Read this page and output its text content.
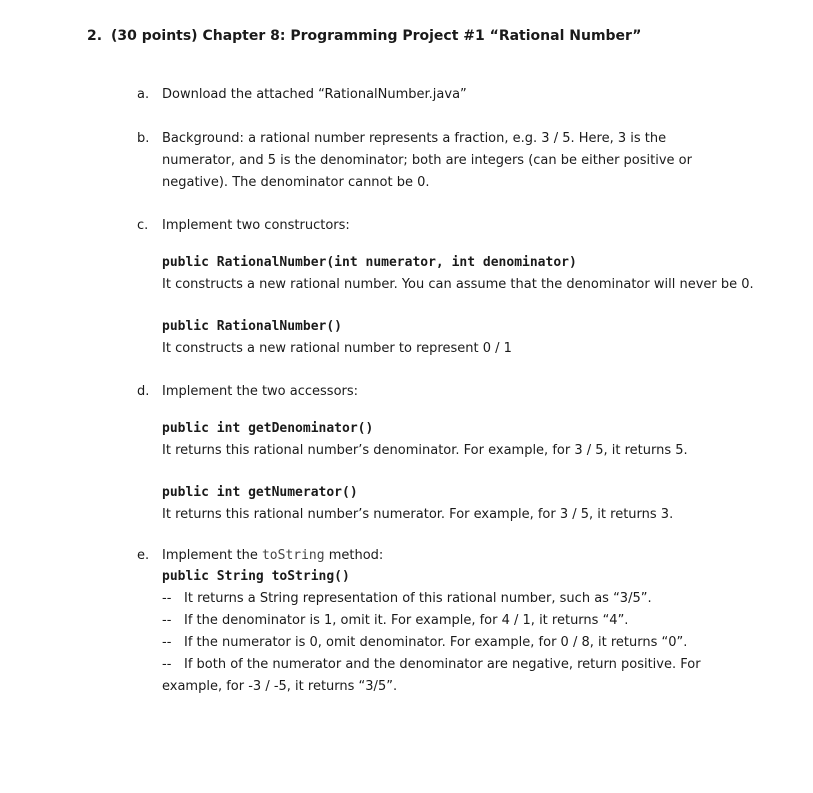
2. (30 points) Chapter 8: Programming Project #1 “Rational Number”
a. Download the attached “RationalNumber.java”
b. Background: a rational number represents a fraction, e.g. 3 / 5. Here, 3 is the numerator, and 5 is the denominator; both are integers (can be either positive or negative). The denominator cannot be 0.
c.	Implement two constructors:
public RationalNumber(int numerator, int denominator)
It constructs a new rational number. You can assume that the denominator will never be 0.
public RationalNumber()
It constructs a new rational number to represent 0 / 1
d. Implement the two accessors:
public int getDenominator()
It returns this rational number’s denominator. For example, for 3 / 5, it returns 5.
public int getNumerator()
It returns this rational number’s numerator. For example, for 3 / 5, it returns 3.
e. Implement the toString method:
public String toString()
-- It returns a String representation of this rational number, such as “3/5”.
-- If the denominator is 1, omit it. For example, for 4 / 1, it returns “4”.
-- If the numerator is 0, omit denominator. For example, for 0 / 8, it returns “0”.
-- If both of the numerator and the denominator are negative, return positive. For
example, for -3 / -5, it returns “3/5”.
